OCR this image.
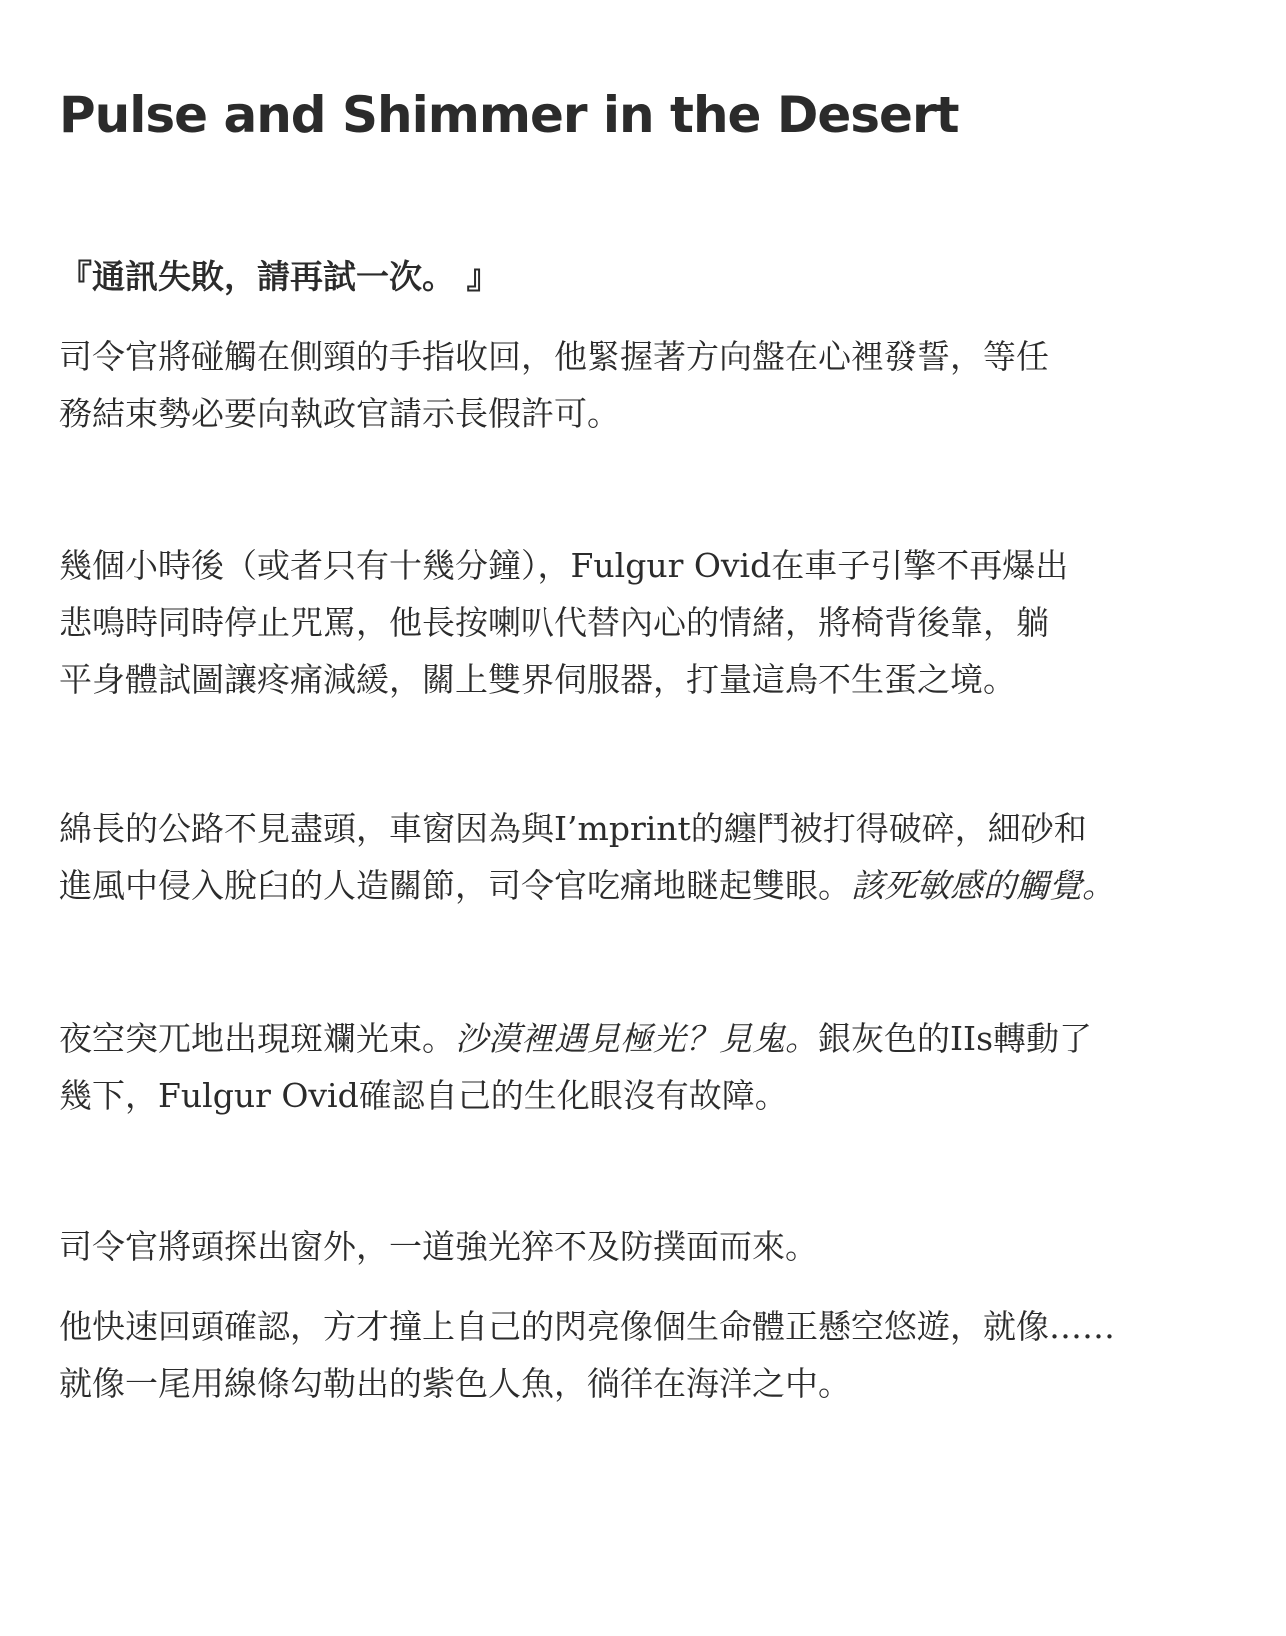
Pulse and Shimmer in the Desert

『通訊失敗，請再試一次。 』

司令官將碰觸在側頸的手指收回，他緊握著方向盤在心裡發誓，等任
務結束勢必要向執政官請示長假許可。

幾個小時後（或者只有十幾分鐘），Fulgur Ovid在車子引擎不再爆出
悲鳴時同時停止咒罵，他長按喇叭代替內心的情緒，將椅背後靠，躺
平身體試圖讓疼痛減緩，關上雙界伺服器，打量這鳥不生蛋之境。

綿長的公路不見盡頭，車窗因為與I’mprint的纏鬥被打得破碎，細砂和
進風中侵入脫臼的人造關節，司令官吃痛地瞇起雙眼。該死敏感的觸覺。

夜空突兀地出現斑斕光束。沙漠裡遇見極光？見鬼。銀灰色的IIs轉動了
幾下，Fulgur Ovid確認自己的生化眼沒有故障。

司令官將頭探出窗外，一道強光猝不及防撲面而來。

他快速回頭確認，方才撞上自己的閃亮像個生命體正懸空悠遊，就像……
就像一尾用線條勾勒出的紫色人魚，徜徉在海洋之中。
